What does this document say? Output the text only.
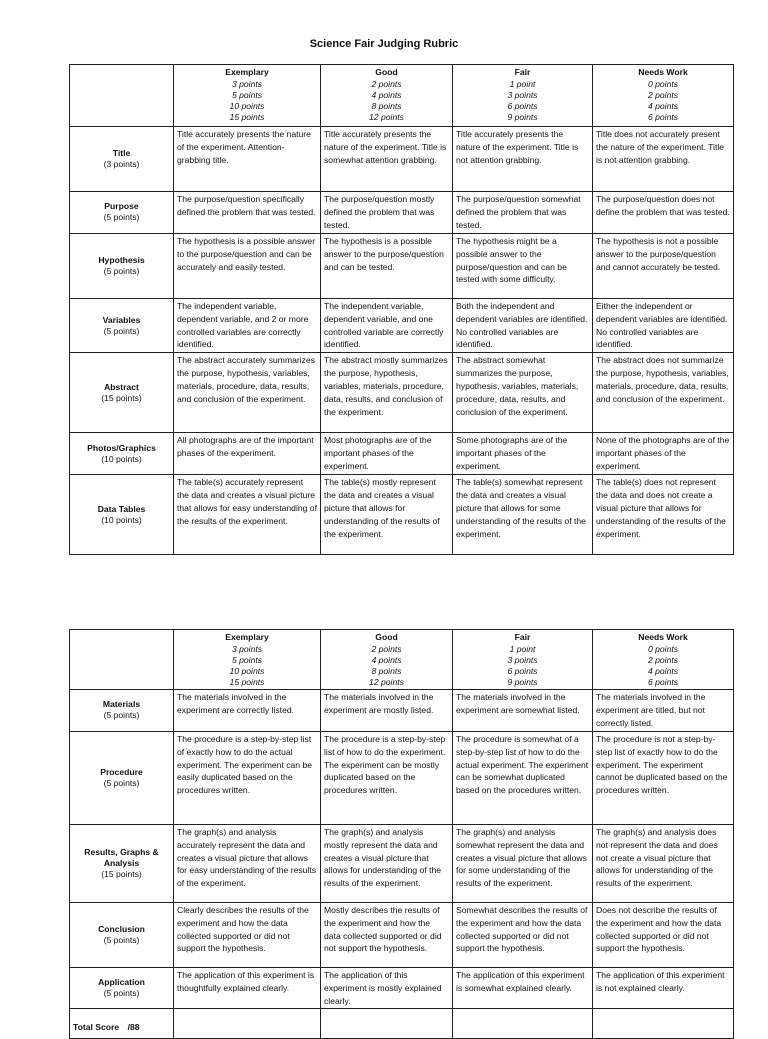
Science Fair Judging Rubric

	Exemplary
3 points
5 points
10 points
15 points	Good
2 points
4 points
8 points
12 points	Fair
1 point
3 points
6 points
9 points	Needs Work
0 points
2 points
4 points
6 points

Title
(3 points)	Title accurately presents the nature of the experiment. Attention-grabbing title.	Title accurately presents the nature of the experiment. Title is somewhat attention grabbing.	Title accurately presents the nature of the experiment. Title is not attention grabbing.	Title does not accurately present the nature of the experiment. Title is not attention grabbing.

Purpose
(5 points)	The purpose/question specifically defined the problem that was tested.	The purpose/question mostly defined the problem that was tested.	The purpose/question somewhat defined the problem that was tested.	The purpose/question does not define the problem that was tested.

Hypothesis
(5 points)	The hypothesis is a possible answer to the purpose/question and can be accurately and easily tested.	The hypothesis is a possible answer to the purpose/question and can be tested.	The hypothesis might be a possible answer to the purpose/question and can be tested with some difficulty.	The hypothesis is not a possible answer to the purpose/question and cannot accurately be tested.

Variables
(5 points)	The independent variable, dependent variable, and 2 or more controlled variables are correctly identified.	The independent variable, dependent variable, and one controlled variable are correctly identified.	Both the independent and dependent variables are identified. No controlled variables are identified.	Either the independent or dependent variables are identified. No controlled variables are identified.

Abstract
(15 points)	The abstract accurately summarizes the purpose, hypothesis, variables, materials, procedure, data, results, and conclusion of the experiment.	The abstract mostly summarizes the purpose, hypothesis, variables, materials, procedure, data, results, and conclusion of the experiment.	The abstract somewhat summarizes the purpose, hypothesis, variables, materials, procedure, data, results, and conclusion of the experiment.	The abstract does not summarize the purpose, hypothesis, variables, materials, procedure, data, results, and conclusion of the experiment.

Photos/Graphics
(10 points)	All photographs are of the important phases of the experiment.	Most photographs are of the important phases of the experiment.	Some photographs are of the important phases of the experiment.	None of the photographs are of the important phases of the experiment.

Data Tables
(10 points)	The table(s) accurately represent the data and creates a visual picture that allows for easy understanding of the results of the experiment.	The table(s) mostly represent the data and creates a visual picture that allows for understanding of the results of the experiment.	The table(s) somewhat represent the data and creates a visual picture that allows for some understanding of the results of the experiment.	The table(s) does not represent the data and does not create a visual picture that allows for understanding of the results of the experiment.

	Exemplary
3 points
5 points
10 points
15 points	Good
2 points
4 points
8 points
12 points	Fair
1 point
3 points
6 points
9 points	Needs Work
0 points
2 points
4 points
6 points

Materials
(5 points)	The materials involved in the experiment are correctly listed.	The materials involved in the experiment are mostly listed.	The materials involved in the experiment are somewhat listed.	The materials involved in the experiment are titled, but not correctly listed.

Procedure
(5 points)	The procedure is a step-by-step list of exactly how to do the actual experiment. The experiment can be easily duplicated based on the procedures written.	The procedure is a step-by-step list of how to do the experiment. The experiment can be mostly duplicated based on the procedures written.	The procedure is somewhat of a step-by-step list of how to do the actual experiment. The experiment can be somewhat duplicated based on the procedures written.	The procedure is not a step-by-step list of exactly how to do the experiment. The experiment cannot be duplicated based on the procedures written.

Results, Graphs & Analysis
(15 points)	The graph(s) and analysis accurately represent the data and creates a visual picture that allows for easy understanding of the results of the experiment.	The graph(s) and analysis mostly represent the data and creates a visual picture that allows for understanding of the results of the experiment.	The graph(s) and analysis somewhat represent the data and creates a visual picture that allows for some understanding of the results of the experiment.	The graph(s) and analysis does not represent the data and does not create a visual picture that allows for understanding of the results of the experiment.

Conclusion
(5 points)	Clearly describes the results of the experiment and how the data collected supported or did not support the hypothesis.	Mostly describes the results of the experiment and how the data collected supported or did not support the hypothesis.	Somewhat describes the results of the experiment and how the data collected supported or did not support the hypothesis.	Does not describe the results of the experiment and how the data collected supported or did not support the hypothesis.

Application
(5 points)	The application of this experiment is thoughtfully explained clearly.	The application of this experiment is mostly explained clearly.	The application of this experiment is somewhat explained clearly.	The application of this experiment is not explained clearly.
Total Score /88				
